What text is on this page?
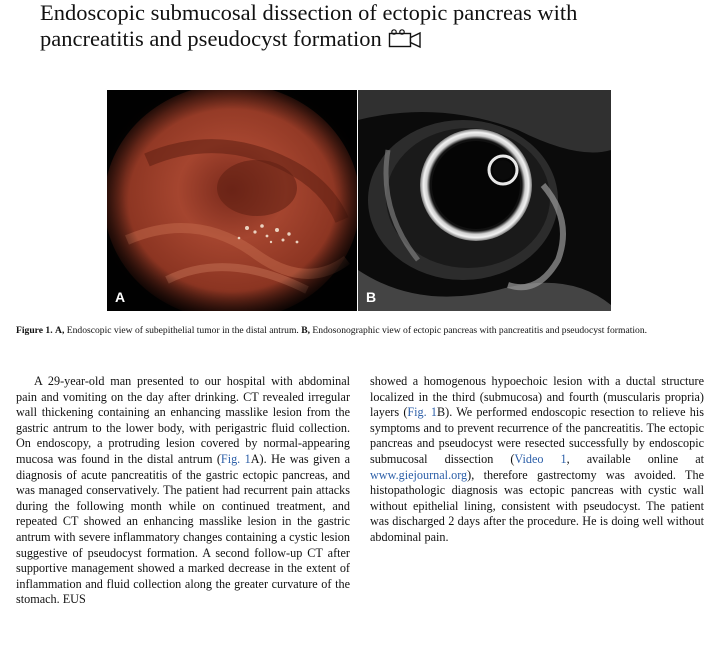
Endoscopic submucosal dissection of ectopic pancreas with
pancreatitis and pseudocyst formation
A	B

Figure 1. A, Endoscopic view of subepithelial tumor in the distal antrum. B, Endosonographic view of ectopic pancreas with pancreatitis and pseudocyst formation.

A 29-year-old man presented to our hospital with abdominal pain and vomiting on the day after drinking. CT revealed irregular wall thickening containing an enhancing masslike lesion from the gastric antrum to the lower body, with perigastric fluid collection. On endoscopy, a protruding lesion covered by normal-appearing mucosa was found in the distal antrum (Fig. 1A). He was given a diagnosis of acute pancreatitis of the gastric ectopic pancreas, and was managed conservatively. The patient had recurrent pain attacks during the following month while on continued treatment, and repeated CT showed an enhancing masslike lesion in the gastric antrum with severe inflammatory changes containing a cystic lesion suggestive of pseudocyst formation. A second follow-up CT after supportive management showed a marked decrease in the extent of inflammation and fluid collection along the greater curvature of the stomach. EUS

showed a homogenous hypoechoic lesion with a ductal structure localized in the third (submucosa) and fourth (muscularis propria) layers (Fig. 1B). We performed endoscopic resection to relieve his symptoms and to prevent recurrence of the pancreatitis. The ectopic pancreas and pseudocyst were resected successfully by endoscopic submucosal dissection (Video 1, available online at www.giejournal.org), therefore gastrectomy was avoided. The histopathologic diagnosis was ectopic pancreas with cystic wall without epithelial lining, consistent with pseudocyst. The patient was discharged 2 days after the procedure. He is doing well without abdominal pain.
